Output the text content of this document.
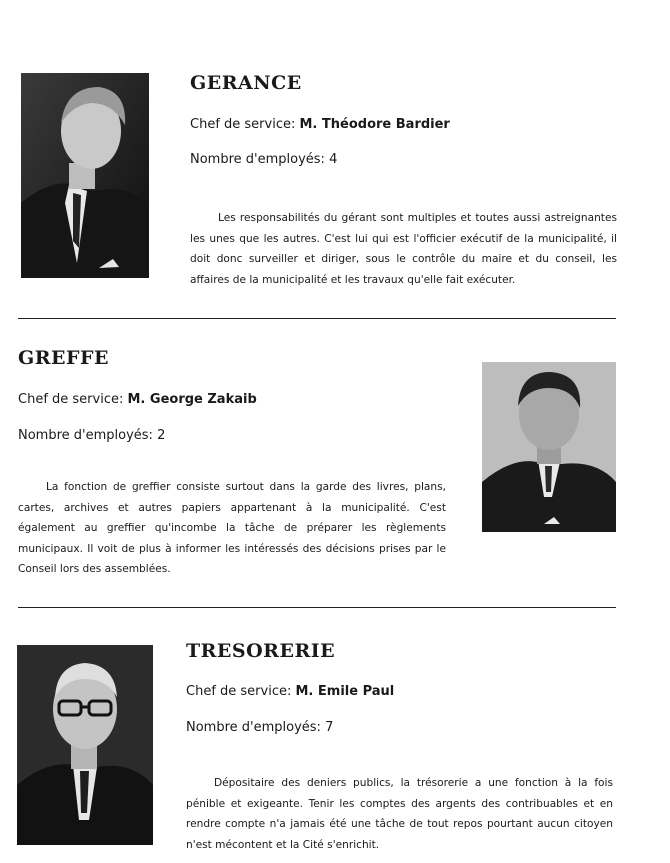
GERANCE
Chef de service: M. Théodore Bardier
Nombre d'employés: 4

Les responsabilités du gérant sont multiples et toutes aussi astreignantes les unes que les autres. C'est lui qui est l'officier exécutif de la municipalité, il doit donc surveiller et diriger, sous le contrôle du maire et du conseil, les affaires de la municipalité et les travaux qu'elle fait exécuter.

GREFFE
Chef de service: M. George Zakaib
Nombre d'employés: 2

La fonction de greffier consiste surtout dans la garde des livres, plans, cartes, archives et autres papiers appartenant à la municipalité. C'est également au greffier qu'incombe la tâche de préparer les règlements municipaux. Il voit de plus à informer les intéressés des décisions prises par le Conseil lors des assemblées.

TRESORERIE
Chef de service: M. Emile Paul
Nombre d'employés: 7

Dépositaire des deniers publics, la trésorerie a une fonction à la fois pénible et exigeante. Tenir les comptes des argents des contribuables et en rendre compte n'a jamais été une tâche de tout repos pourtant aucun citoyen n'est mécontent et la Cité s'enrichit.
